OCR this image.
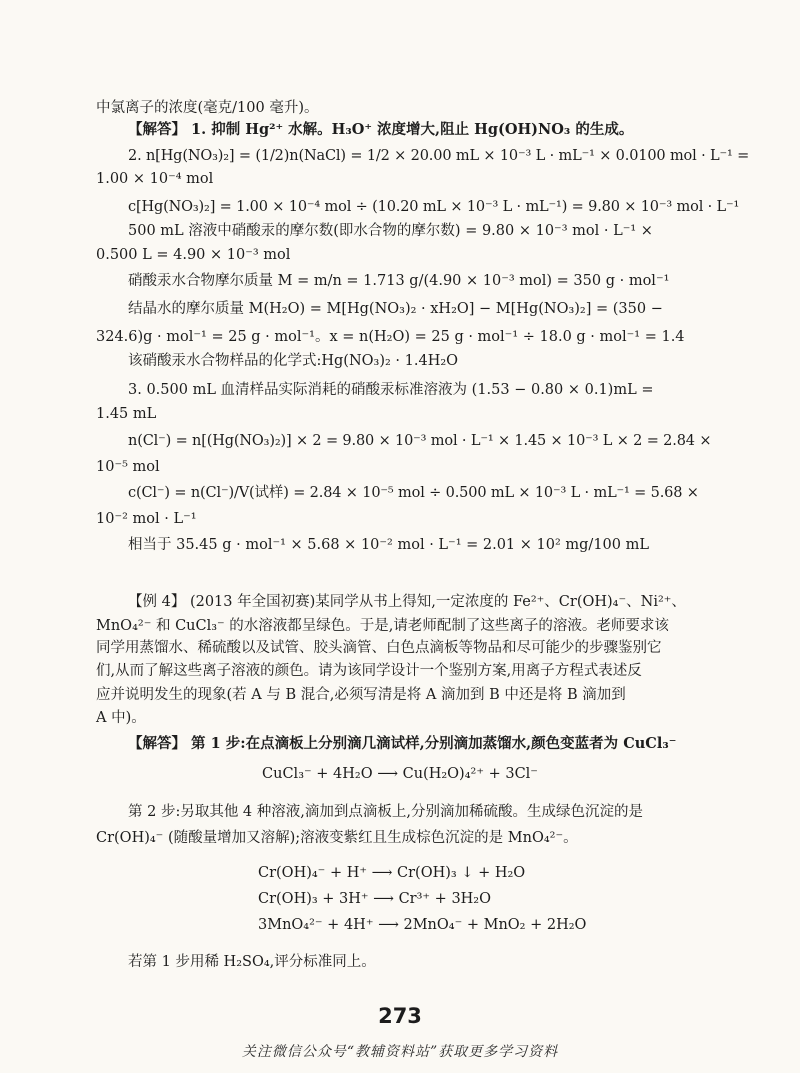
中氯离子的浓度(毫克/100 毫升)。
【解答】 1. 抑制 Hg²⁺ 水解。H₃O⁺ 浓度增大,阻止 Hg(OH)NO₃ 的生成。
2. n[Hg(NO₃)₂] = (1/2)n(NaCl) = 1/2 × 20.00 mL × 10⁻³ L · mL⁻¹ × 0.0100 mol · L⁻¹ =
1.00 × 10⁻⁴ mol
c[Hg(NO₃)₂] = 1.00 × 10⁻⁴ mol ÷ (10.20 mL × 10⁻³ L · mL⁻¹) = 9.80 × 10⁻³ mol · L⁻¹
500 mL 溶液中硝酸汞的摩尔数(即水合物的摩尔数) = 9.80 × 10⁻³ mol · L⁻¹ ×
0.500 L = 4.90 × 10⁻³ mol
硝酸汞水合物摩尔质量 M = m/n = 1.713 g/(4.90 × 10⁻³ mol) = 350 g · mol⁻¹
结晶水的摩尔质量 M(H₂O) = M[Hg(NO₃)₂ · xH₂O] − M[Hg(NO₃)₂] = (350 −
324.6)g · mol⁻¹ = 25 g · mol⁻¹。x = n(H₂O) = 25 g · mol⁻¹ ÷ 18.0 g · mol⁻¹ = 1.4
该硝酸汞水合物样品的化学式:Hg(NO₃)₂ · 1.4H₂O
3. 0.500 mL 血清样品实际消耗的硝酸汞标准溶液为 (1.53 − 0.80 × 0.1)mL =
1.45 mL
n(Cl⁻) = n[(Hg(NO₃)₂)] × 2 = 9.80 × 10⁻³ mol · L⁻¹ × 1.45 × 10⁻³ L × 2 = 2.84 ×
10⁻⁵ mol
c(Cl⁻) = n(Cl⁻)/V(试样) = 2.84 × 10⁻⁵ mol ÷ 0.500 mL × 10⁻³ L · mL⁻¹ = 5.68 ×
10⁻² mol · L⁻¹
相当于 35.45 g · mol⁻¹ × 5.68 × 10⁻² mol · L⁻¹ = 2.01 × 10² mg/100 mL
【例 4】 (2013 年全国初赛)某同学从书上得知,一定浓度的 Fe²⁺、Cr(OH)₄⁻、Ni²⁺、
MnO₄²⁻ 和 CuCl₃⁻ 的水溶液都呈绿色。于是,请老师配制了这些离子的溶液。老师要求该
同学用蒸馏水、稀硫酸以及试管、胶头滴管、白色点滴板等物品和尽可能少的步骤鉴别它
们,从而了解这些离子溶液的颜色。请为该同学设计一个鉴别方案,用离子方程式表述反
应并说明发生的现象(若 A 与 B 混合,必须写清是将 A 滴加到 B 中还是将 B 滴加到
A 中)。
【解答】 第 1 步:在点滴板上分别滴几滴试样,分别滴加蒸馏水,颜色变蓝者为 CuCl₃⁻
CuCl₃⁻ + 4H₂O ⟶ Cu(H₂O)₄²⁺ + 3Cl⁻
第 2 步:另取其他 4 种溶液,滴加到点滴板上,分别滴加稀硫酸。生成绿色沉淀的是
Cr(OH)₄⁻ (随酸量增加又溶解);溶液变紫红且生成棕色沉淀的是 MnO₄²⁻。
Cr(OH)₄⁻ + H⁺ ⟶ Cr(OH)₃ ↓ + H₂O
Cr(OH)₃ + 3H⁺ ⟶ Cr³⁺ + 3H₂O
3MnO₄²⁻ + 4H⁺ ⟶ 2MnO₄⁻ + MnO₂ + 2H₂O
若第 1 步用稀 H₂SO₄,评分标准同上。
273
关注微信公众号“教辅资料站”获取更多学习资料
